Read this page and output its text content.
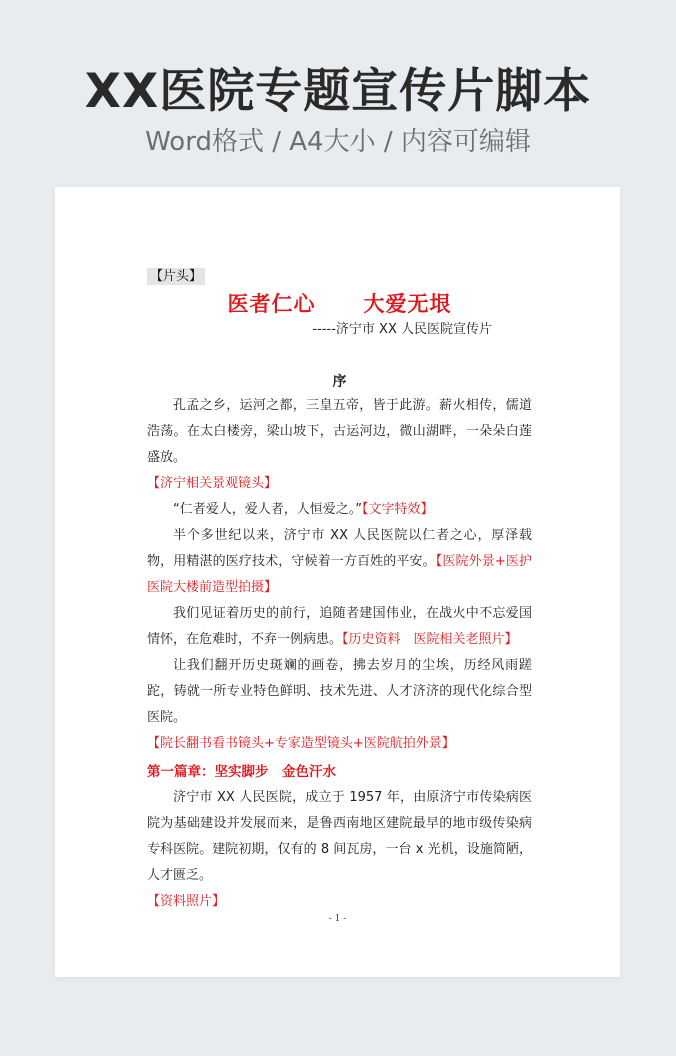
XX医院专题宣传片脚本
Word格式 / A4大小 / 内容可编辑
【片头】
医者仁心 大爱无垠
-----济宁市 XX 人民医院宣传片
序

孔孟之乡，运河之都，三皇五帝，皆于此游。薪火相传，儒道浩荡。在太白楼旁，梁山坡下，古运河边，微山湖畔，一朵朵白莲盛放。

【济宁相关景观镜头】

“仁者爱人，爱人者，人恒爱之。”【文字特效】

半个多世纪以来，济宁市 XX 人民医院以仁者之心，厚泽载物，用精湛的医疗技术，守候着一方百姓的平安。【医院外景+医护医院大楼前造型拍摄】

我们见证着历史的前行，追随者建国伟业，在战火中不忘爱国情怀，在危难时，不弃一例病患。【历史资料　医院相关老照片】

让我们翻开历史斑斓的画卷，拂去岁月的尘埃，历经风雨蹉跎，铸就一所专业特色鲜明、技术先进、人才济济的现代化综合型医院。

【院长翻书看书镜头+专家造型镜头+医院航拍外景】
第一篇章：坚实脚步　金色汗水

济宁市 XX 人民医院，成立于 1957 年，由原济宁市传染病医院为基础建设并发展而来，是鲁西南地区建院最早的地市级传染病专科医院。建院初期，仅有的 8 间瓦房，一台 x 光机，设施简陋，人才匮乏。

【资料照片】
- 1 -
